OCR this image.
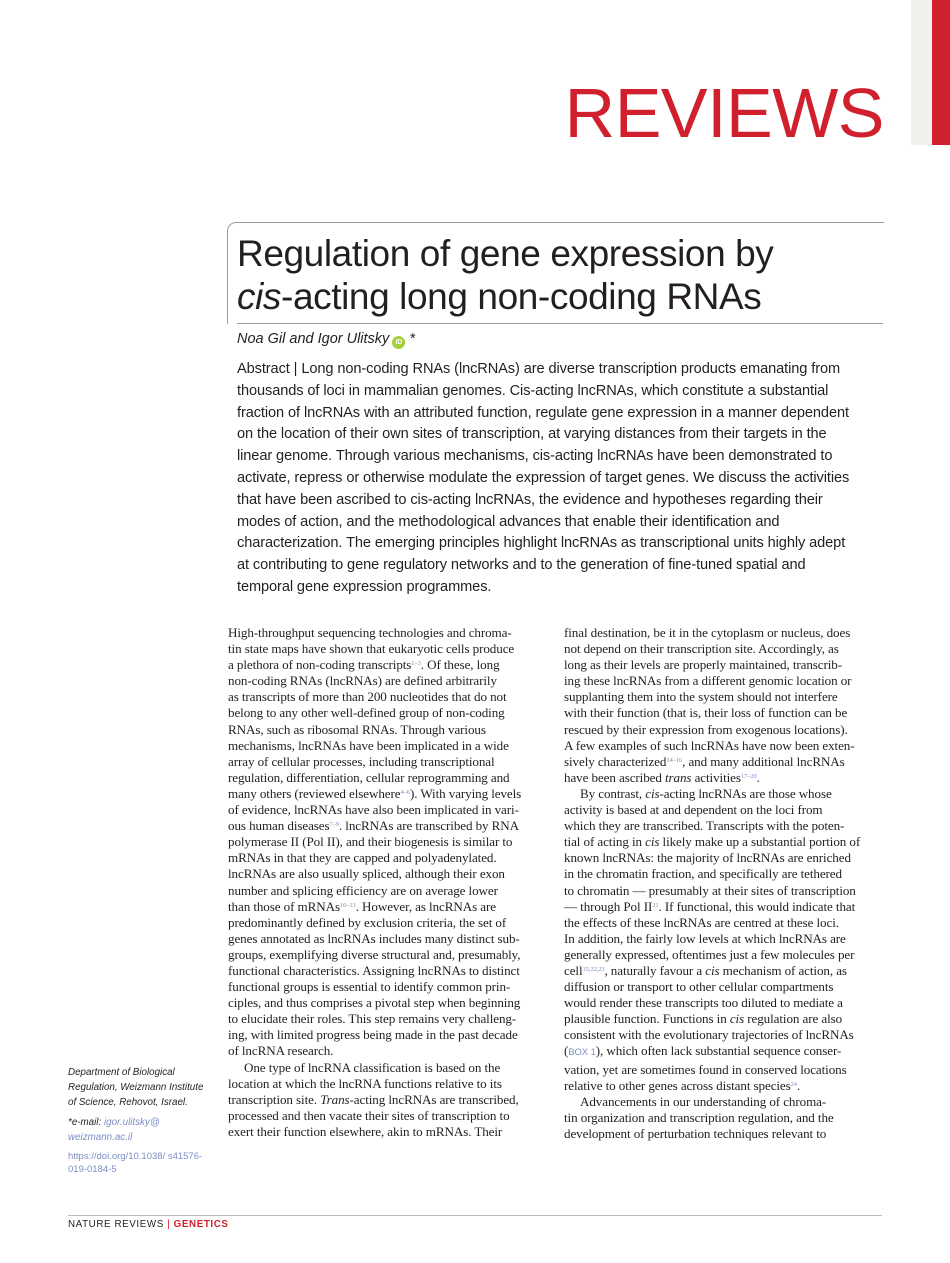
REVIEWS
Regulation of gene expression by
cis-acting long non-coding RNAs
Noa Gil and Igor Ulitsky iD *

Abstract | Long non-coding RNAs (lncRNAs) are diverse transcription products emanating from

thousands of loci in mammalian genomes. Cis-acting lncRNAs, which constitute a substantial

fraction of lncRNAs with an attributed function, regulate gene expression in a manner dependent

on the location of their own sites of transcription, at varying distances from their targets in the

linear genome. Through various mechanisms, cis-acting lncRNAs have been demonstrated to

activate, repress or otherwise modulate the expression of target genes. We discuss the activities

that have been ascribed to cis-acting lncRNAs, the evidence and hypotheses regarding their

modes of action, and the methodological advances that enable their identification and

characterization. The emerging principles highlight lncRNAs as transcriptional units highly adept

at contributing to gene regulatory networks and to the generation of fine-tuned spatial and

temporal gene expression programmes.

High-throughput sequencing technologies and chroma-
tin state maps have shown that eukaryotic cells produce
a plethora of non-coding transcripts$^{1-3}$. Of these, long
non-coding RNAs (lncRNAs) are defined arbitrarily
as transcripts of more than 200 nucleotides that do not
belong to any other well-defined group of non-coding
RNAs, such as ribosomal RNAs. Through various
mechanisms, lncRNAs have been implicated in a wide
array of cellular processes, including transcriptional
regulation, differentiation, cellular reprogramming and
many others (reviewed elsewhere$^{4-6}$). With varying levels
of evidence, lncRNAs have also been implicated in vari-
ous human diseases$^{7-9}$. lncRNAs are transcribed by RNA
polymerase II (Pol II), and their biogenesis is similar to
mRNAs in that they are capped and polyadenylated.
lncRNAs are also usually spliced, although their exon
number and splicing efficiency are on average lower
than those of mRNAs$^{10-13}$. However, as lncRNAs are
predominantly defined by exclusion criteria, the set of
genes annotated as lncRNAs includes many distinct sub-
groups, exemplifying diverse structural and, presumably,
functional characteristics. Assigning lncRNAs to distinct
functional groups is essential to identify common prin-
ciples, and thus comprises a pivotal step when beginning
to elucidate their roles. This step remains very challeng-
ing, with limited progress being made in the past decade
of lncRNA research.
One type of lncRNA classification is based on the
location at which the lncRNA functions relative to its
transcription site. Trans-acting lncRNAs are transcribed,
processed and then vacate their sites of transcription to
exert their function elsewhere, akin to mRNAs. Their
final destination, be it in the cytoplasm or nucleus, does
not depend on their transcription site. Accordingly, as
long as their levels are properly maintained, transcrib-
ing these lncRNAs from a different genomic location or
supplanting them into the system should not interfere
with their function (that is, their loss of function can be
rescued by their expression from exogenous locations).
A few examples of such lncRNAs have now been exten-
sively characterized$^{14-16}$, and many additional lncRNAs
have been ascribed trans activities$^{17-20}$.
By contrast, cis-acting lncRNAs are those whose
activity is based at and dependent on the loci from
which they are transcribed. Transcripts with the poten-
tial of acting in cis likely make up a substantial portion of
known lncRNAs: the majority of lncRNAs are enriched
in the chromatin fraction, and specifically are tethered
to chromatin — presumably at their sites of transcription
— through Pol II$^{21}$. If functional, this would indicate that
the effects of these lncRNAs are centred at these loci.
In addition, the fairly low levels at which lncRNAs are
generally expressed, oftentimes just a few molecules per
cell$^{15,22,23}$, naturally favour a cis mechanism of action, as
diffusion or transport to other cellular compartments
would render these transcripts too diluted to mediate a
plausible function. Functions in cis regulation are also
consistent with the evolutionary trajectories of lncRNAs
(BOX 1), which often lack substantial sequence conser-
vation, yet are sometimes found in conserved locations
relative to other genes across distant species$^{24}$.
Advancements in our understanding of chroma-
tin organization and transcription regulation, and the
development of perturbation techniques relevant to

Department of Biological Regulation, Weizmann Institute of Science, Rehovot, Israel.

*e-mail: igor.ulitsky@ weizmann.ac.il

https://doi.org/10.1038/ s41576-019-0184-5

NATURE REVIEWS | GENETICS
